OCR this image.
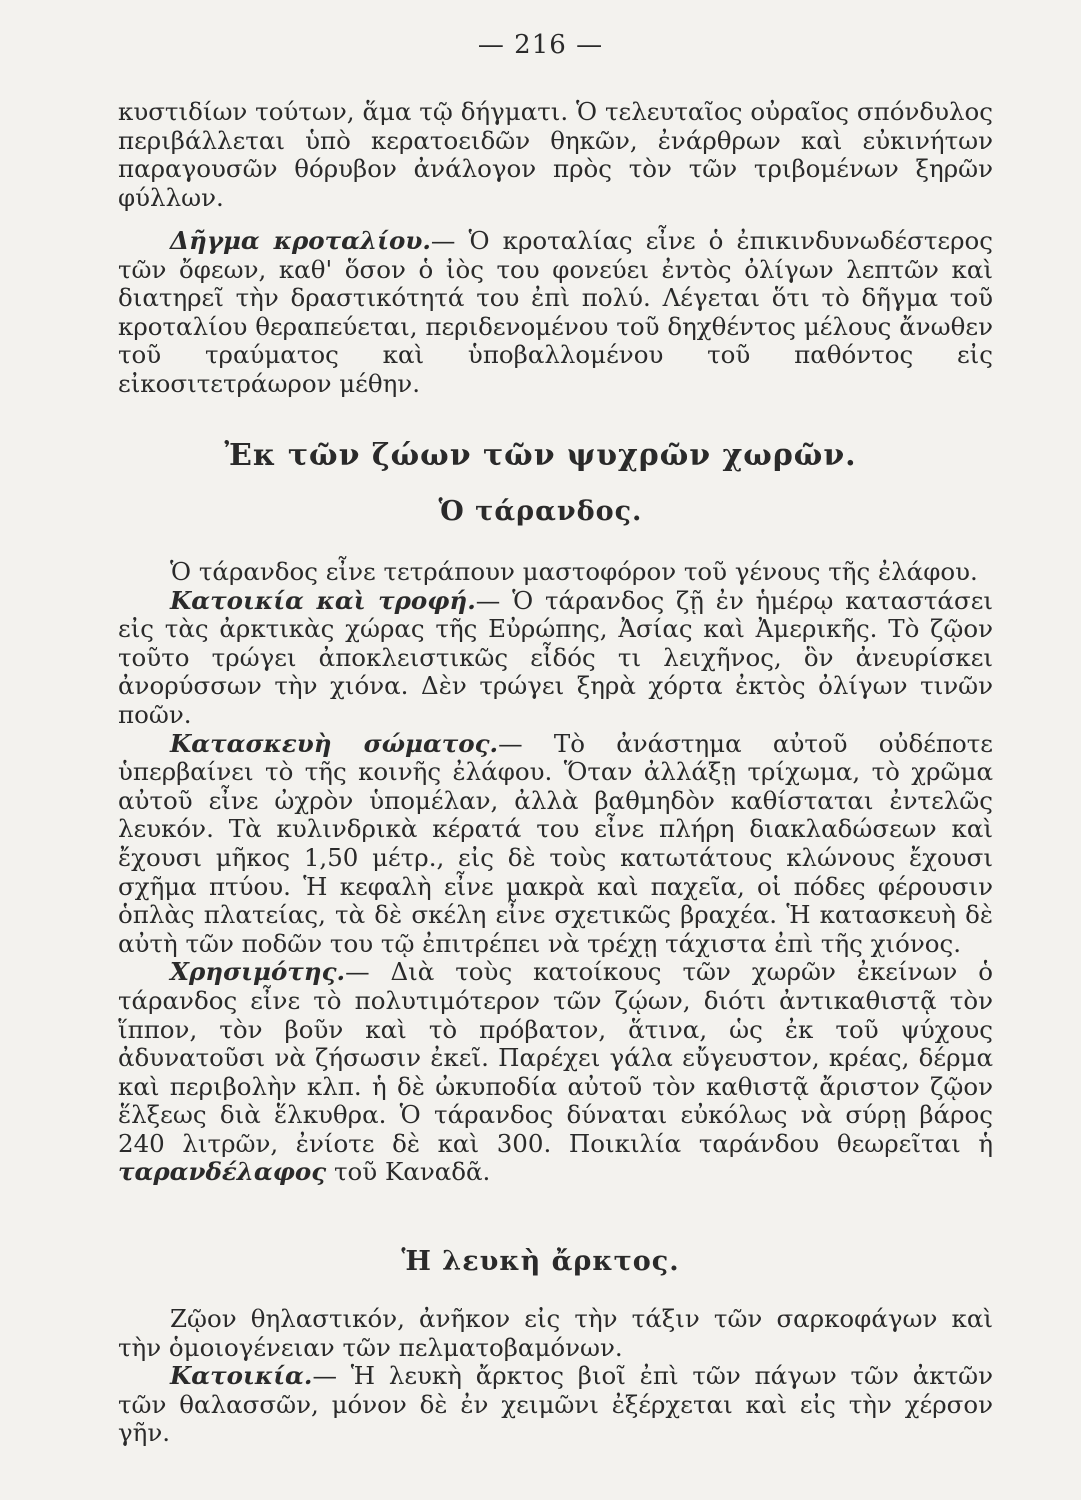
— 216 —

κυστιδίων τούτων, ἅμα τῷ δήγματι. Ὁ τελευταῖος οὐραῖος σπόνδυλος περιβάλλεται ὑπὸ κερατοειδῶν θηκῶν, ἐνάρθρων καὶ εὐκινήτων παραγουσῶν θόρυβον ἀνάλογον πρὸς τὸν τῶν τριβομένων ξηρῶν φύλλων.

Δῆγμα κροταλίου.— Ὁ κροταλίας εἶνε ὁ ἐπικινδυνωδέστερος τῶν ὄφεων, καθ' ὅσον ὁ ἰὸς του φονεύει ἐντὸς ὀλίγων λεπτῶν καὶ διατηρεῖ τὴν δραστικότητά του ἐπὶ πολύ. Λέγεται ὅτι τὸ δῆγμα τοῦ κροταλίου θεραπεύεται, περιδενομένου τοῦ δηχθέντος μέλους ἄνωθεν τοῦ τραύματος καὶ ὑποβαλλομένου τοῦ παθόντος εἰς εἰκοσιτετράωρον μέθην.

Ἐκ τῶν ζώων τῶν ψυχρῶν χωρῶν.
Ὁ τάρανδος.

Ὁ τάρανδος εἶνε τετράπουν μαστοφόρον τοῦ γένους τῆς ἐλάφου.

Κατοικία καὶ τροφή.— Ὁ τάρανδος ζῇ ἐν ἡμέρῳ καταστάσει εἰς τὰς ἀρκτικὰς χώρας τῆς Εὐρώπης, Ἀσίας καὶ Ἀμερικῆς. Τὸ ζῷον τοῦτο τρώγει ἀποκλειστικῶς εἶδός τι λειχῆνος, ὃν ἀνευρίσκει ἀνορύσσων τὴν χιόνα. Δὲν τρώγει ξηρὰ χόρτα ἐκτὸς ὀλίγων τινῶν ποῶν.

Κατασκευὴ σώματος.— Τὸ ἀνάστημα αὐτοῦ οὐδέποτε ὑπερβαίνει τὸ τῆς κοινῆς ἐλάφου. Ὅταν ἀλλάξῃ τρίχωμα, τὸ χρῶμα αὐτοῦ εἶνε ὠχρὸν ὑπομέλαν, ἀλλὰ βαθμηδὸν καθίσταται ἐντελῶς λευκόν. Τὰ κυλινδρικὰ κέρατά του εἶνε πλήρη διακλαδώσεων καὶ ἔχουσι μῆκος 1,50 μέτρ., εἰς δὲ τοὺς κατωτάτους κλώνους ἔχουσι σχῆμα πτύου. Ἡ κεφαλὴ εἶνε μακρὰ καὶ παχεῖα, οἱ πόδες φέρουσιν ὁπλὰς πλατείας, τὰ δὲ σκέλη εἶνε σχετικῶς βραχέα. Ἡ κατασκευὴ δὲ αὐτὴ τῶν ποδῶν του τῷ ἐπιτρέπει νὰ τρέχῃ τάχιστα ἐπὶ τῆς χιόνος.

Χρησιμότης.— Διὰ τοὺς κατοίκους τῶν χωρῶν ἐκείνων ὁ τάρανδος εἶνε τὸ πολυτιμότερον τῶν ζῴων, διότι ἀντικαθιστᾷ τὸν ἵππον, τὸν βοῦν καὶ τὸ πρόβατον, ἅτινα, ὡς ἐκ τοῦ ψύχους ἀδυνατοῦσι νὰ ζήσωσιν ἐκεῖ. Παρέχει γάλα εὔγευστον, κρέας, δέρμα καὶ περιβολὴν κλπ. ἡ δὲ ὠκυποδία αὐτοῦ τὸν καθιστᾷ ἄριστον ζῷον ἕλξεως διὰ ἕλκυθρα. Ὁ τάρανδος δύναται εὐκόλως νὰ σύρῃ βάρος 240 λιτρῶν, ἐνίοτε δὲ καὶ 300. Ποικιλία ταράνδου θεωρεῖται ἡ ταρανδέλαφος τοῦ Καναδᾶ.

Ἡ λευκὴ ἄρκτος.

Ζῷον θηλαστικόν, ἀνῆκον εἰς τὴν τάξιν τῶν σαρκοφάγων καὶ τὴν ὁμοιογένειαν τῶν πελματοβαμόνων.

Κατοικία.— Ἡ λευκὴ ἄρκτος βιοῖ ἐπὶ τῶν πάγων τῶν ἀκτῶν τῶν θαλασσῶν, μόνον δὲ ἐν χειμῶνι ἐξέρχεται καὶ εἰς τὴν χέρσον γῆν.
